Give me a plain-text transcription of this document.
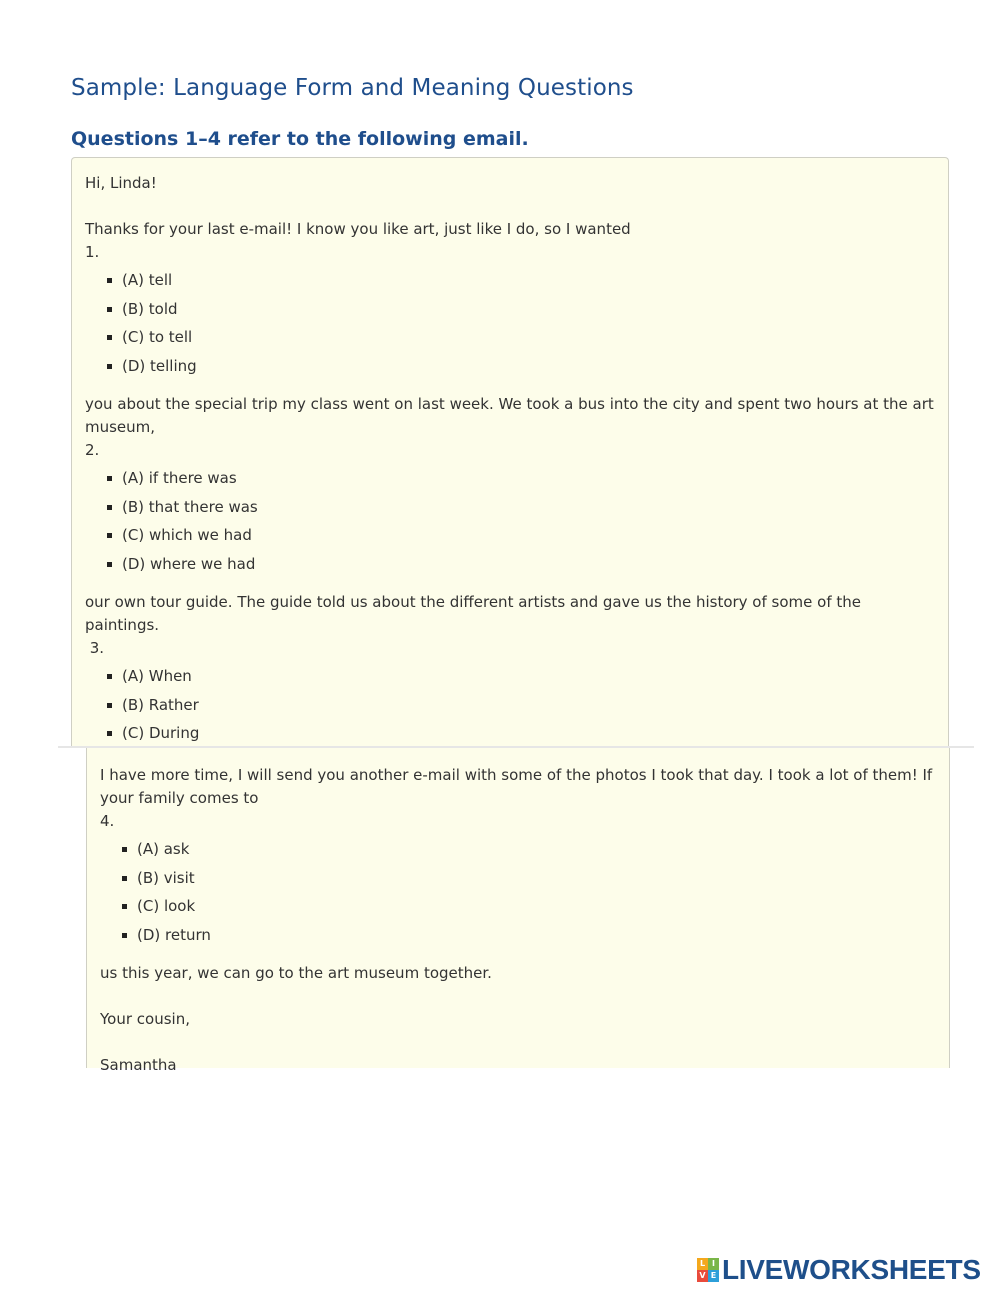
Sample: Language Form and Meaning Questions
Questions 1–4 refer to the following email.

Hi, Linda!

Thanks for your last e-mail! I know you like art, just like I do, so I wanted

1.

(A) tell
(B) told
(C) to tell
(D) telling

you about the special trip my class went on last week. We took a bus into the city and spent two hours at the art museum,

2.

(A) if there was
(B) that there was
(C) which we had
(D) where we had

our own tour guide. The guide told us about the different artists and gave us the history of some of the paintings.

3.

(A) When
(B) Rather
(C) During

I have more time, I will send you another e-mail with some of the photos I took that day. I took a lot of them! If your family comes to

4.

(A) ask
(B) visit
(C) look
(D) return

us this year, we can go to the art museum together.

Your cousin,

Samantha

L I
V E LIVEWORKSHEETS
